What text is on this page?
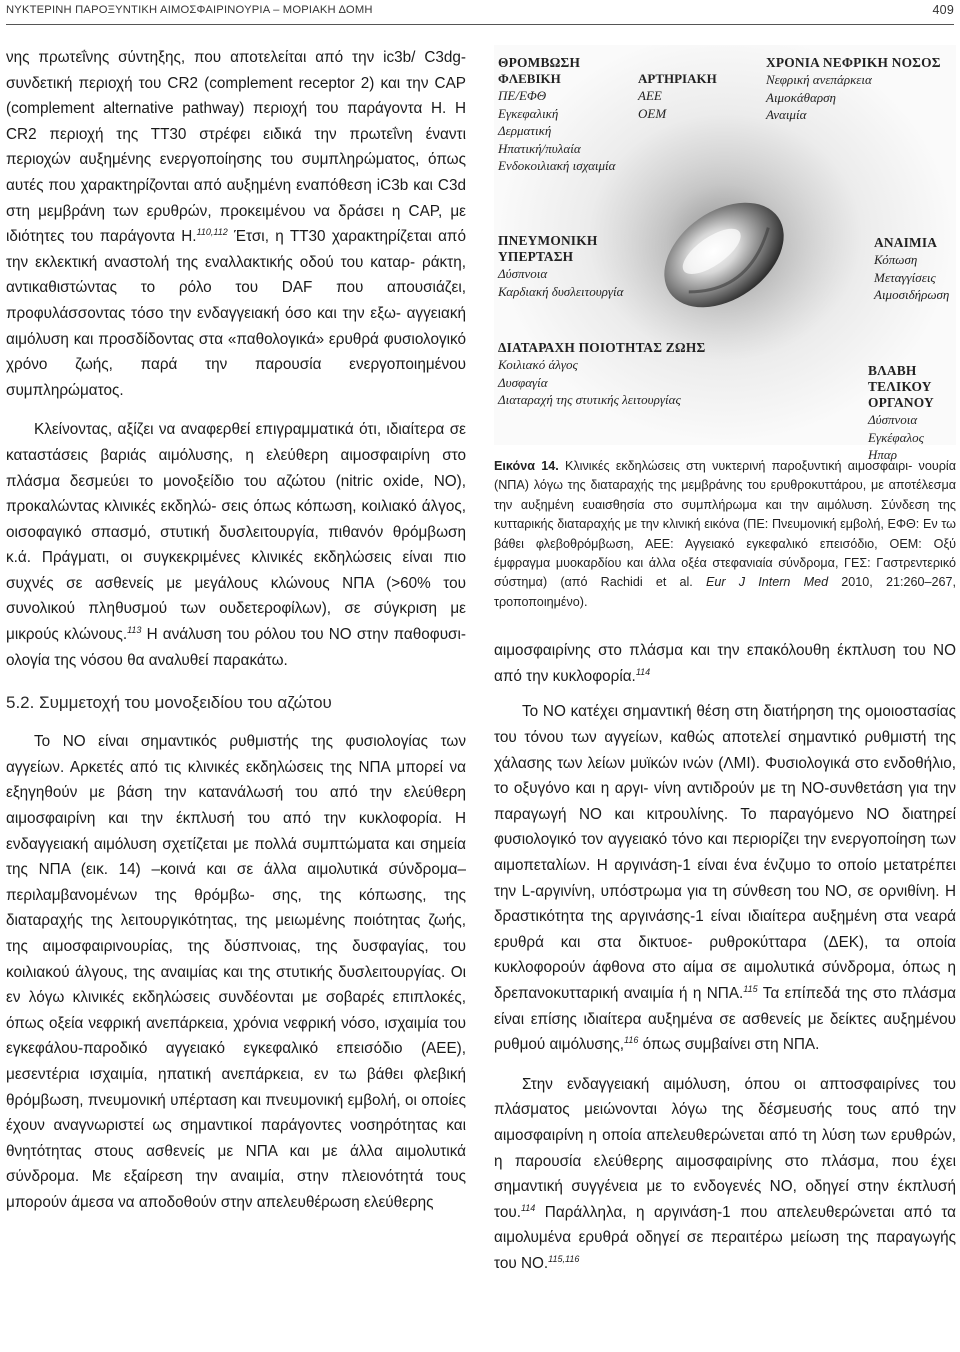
ΝΥΚΤΕΡΙΝΗ ΠΑΡΟΞΥΝΤΙΚΗ ΑΙΜΟΣΦΑΙΡΙΝΟΥΡΙΑ – ΜΟΡΙΑΚΗ ΔΟΜΗ	409

νης πρωτεΐνης σύντηξης, που αποτελείται από την ic3b/ C3dg-συνδετική περιοχή του CR2 (complement receptor 2) και την CAP (complement alternative pathway) περιοχή του παράγοντα Η. Η CR2 περιοχή της ΤΤ30 στρέφει ειδικά την πρωτεΐνη έναντι περιοχών αυξημένης ενεργοποίησης του συμπληρώματος, όπως αυτές που χαρακτηρίζονται από αυξημένη εναπόθεση iC3b και C3d στη μεμβράνη των ερυθρών, προκειμένου να δράσει η CAP, με ιδιότητες του παράγοντα Η.$^{110,112}$ Έτσι, η ΤΤ30 χαρακτηρίζεται από την εκλεκτική αναστολή της εναλλακτικής οδού του καταρ- ράκτη, αντικαθιστώντας το ρόλο του DAF που απουσιάζει, προφυλάσσοντας τόσο την ενδαγγειακή όσο και την εξω- αγγειακή αιμόλυση και προσδίδοντας στα «παθολογικά» ερυθρά φυσιολογικό χρόνο ζωής, παρά την παρουσία ενεργοποιημένου συμπληρώματος.

Κλείνοντας, αξίζει να αναφερθεί επιγραμματικά ότι, ιδιαίτερα σε καταστάσεις βαριάς αιμόλυσης, η ελεύθερη αιμοσφαιρίνη στο πλάσμα δεσμεύει το μονοξείδιο του αζώτου (nitric oxide, NO), προκαλώντας κλινικές εκδηλώ- σεις όπως κόπωση, κοιλιακό άλγος, οισοφαγικό σπασμό, στυτική δυσλειτουργία, πιθανόν θρόμβωση κ.ά. Πράγματι, οι συγκεκριμένες κλινικές εκδηλώσεις είναι πιο συχνές σε ασθενείς με μεγάλους κλώνους ΝΠΑ (>60% του συνολικού πληθυσμού των ουδετεροφίλων), σε σύγκριση με μικρούς κλώνους.$^{113}$ Η ανάλυση του ρόλου του ΝΟ στην παθοφυσι- ολογία της νόσου θα αναλυθεί παρακάτω.

5.2. Συμμετοχή του μονοξειδίου του αζώτου

Το ΝΟ είναι σημαντικός ρυθμιστής της φυσιολογίας των αγγείων. Αρκετές από τις κλινικές εκδηλώσεις της ΝΠΑ μπορεί να εξηγηθούν με βάση την κατανάλωσή του από την ελεύθερη αιμοσφαιρίνη και την έκπλυσή του από την κυκλοφορία. Η ενδαγγειακή αιμόλυση σχετίζεται με πολλά συμπτώματα και σημεία της ΝΠΑ (εικ. 14) –κοινά και σε άλλα αιμολυτικά σύνδρομα– περιλαμβανομένων της θρόμβω- σης, της κόπωσης, της διαταραχής της λειτουργικότητας, της μειωμένης ποιότητας ζωής, της αιμοσφαιρινουρίας, της δύσπνοιας, της δυσφαγίας, του κοιλιακού άλγους, της αναιμίας και της στυτικής δυσλειτουργίας. Οι εν λόγω κλινικές εκδηλώσεις συνδέονται με σοβαρές επιπλοκές, όπως οξεία νεφρική ανεπάρκεια, χρόνια νεφρική νόσο, ισχαιμία του εγκεφάλου-παροδικό αγγειακό εγκεφαλικό επεισόδιο (ΑΕΕ), μεσεντέρια ισχαιμία, ηπατική ανεπάρκεια, εν τω βάθει φλεβική θρόμβωση, πνευμονική υπέρταση και πνευμονική εμβολή, οι οποίες έχουν αναγνωριστεί ως σημαντικοί παράγοντες νοσηρότητας και θνητότητας στους ασθενείς με ΝΠΑ και με άλλα αιμολυτικά σύνδρομα. Με εξαίρεση την αναιμία, στην πλειονότητά τους μπορούν άμεσα να αποδοθούν στην απελευθέρωση ελεύθερης

ΘΡΟΜΒΩΣΗ
ΦΛΕΒΙΚΗ
ΠΕ/ΕΦΘ
Εγκεφαλική
Δερματική
Ηπατική/πυλαία
Ενδοκοιλιακή ισχαιμία
ΑΡΤΗΡΙΑΚΗ
ΑΕΕ
ΟΕΜ
ΧΡΟΝΙΑ ΝΕΦΡΙΚΗ ΝΟΣΟΣ
Νεφρική ανεπάρκεια
Αιμοκάθαρση
Αναιμία
ΠΝΕΥΜΟΝΙΚΗ ΥΠΕΡΤΑΣΗ
Δύσπνοια
Καρδιακή δυσλειτουργία
ΑΝΑΙΜΙΑ
Κόπωση
Μεταγγίσεις
Αιμοσιδήρωση
ΔΙΑΤΑΡΑΧΗ ΠΟΙΟΤΗΤΑΣ ΖΩΗΣ
Κοιλιακό άλγος
Δυσφαγία
Διαταραχή της στυτικής λειτουργίας
ΒΛΑΒΗ ΤΕΛΙΚΟΥ ΟΡΓΑΝΟΥ
Δύσπνοια
Εγκέφαλος
Ηπαρ

Εικόνα 14. Κλινικές εκδηλώσεις στη νυκτερινή παροξυντική αιμοσφαιρι- νουρία (ΝΠΑ) λόγω της διαταραχής της μεμβράνης του ερυθροκυττάρου, με αποτέλεσμα την αυξημένη ευαισθησία στο συμπλήρωμα και την αιμόλυση. Σύνδεση της κυτταρικής διαταραχής με την κλινική εικόνα (ΠΕ: Πνευμονική εμβολή, ΕΦΘ: Εν τω βάθει φλεβοθρόμβωση, ΑΕΕ: Αγγειακό εγκεφαλικό επεισόδιο, ΟΕΜ: Οξύ έμφραγμα μυοκαρδίου και άλλα οξέα στεφανιαία σύνδρομα, ΓΕΣ: Γαστρεντερικό σύστημα) (από Rachidi et al. Eur J Intern Med 2010, 21:260–267, τροποποιημένο).

αιμοσφαιρίνης στο πλάσμα και την επακόλουθη έκπλυση του ΝΟ από την κυκλοφορία.$^{114}$

Το ΝΟ κατέχει σημαντική θέση στη διατήρηση της ομοιοστασίας του τόνου των αγγείων, καθώς αποτελεί σημαντικό ρυθμιστή της χάλασης των λείων μυϊκών ινών (ΛΜΙ). Φυσιολογικά στο ενδοθήλιο, το οξυγόνο και η αργι- νίνη αντιδρούν με τη ΝΟ-συνθετάση για την παραγωγή ΝΟ και κιτρουλίνης. Το παραγόμενο ΝΟ διατηρεί φυσιολογικό τον αγγειακό τόνο και περιορίζει την ενεργοποίηση των αιμοπεταλίων. Η αργινάση-1 είναι ένα ένζυμο το οποίο μετατρέπει την L-αργινίνη, υπόστρωμα για τη σύνθεση του ΝΟ, σε ορνιθίνη. Η δραστικότητα της αργινάσης-1 είναι ιδιαίτερα αυξημένη στα νεαρά ερυθρά και στα δικτυοε- ρυθροκύτταρα (ΔΕΚ), τα οποία κυκλοφορούν άφθονα στο αίμα σε αιμολυτικά σύνδρομα, όπως η δρεπανοκυτταρική αναιμία ή η ΝΠΑ.$^{115}$ Τα επίπεδά της στο πλάσμα είναι επίσης ιδιαίτερα αυξημένα σε ασθενείς με δείκτες αυξημένου ρυθμού αιμόλυσης,$^{116}$ όπως συμβαίνει στη ΝΠΑ.

Στην ενδαγγειακή αιμόλυση, όπου οι απτοσφαιρίνες του πλάσματος μειώνονται λόγω της δέσμευσής τους από την αιμοσφαιρίνη η οποία απελευθερώνεται από τη λύση των ερυθρών, η παρουσία ελεύθερης αιμοσφαιρίνης στο πλάσμα, που έχει σημαντική συγγένεια με το ενδογενές ΝΟ, οδηγεί στην έκπλυσή του.$^{114}$ Παράλληλα, η αργινάση-1 που απελευθερώνεται από τα αιμολυμένα ερυθρά οδηγεί σε περαιτέρω μείωση της παραγωγής του ΝΟ.$^{115,116}$
